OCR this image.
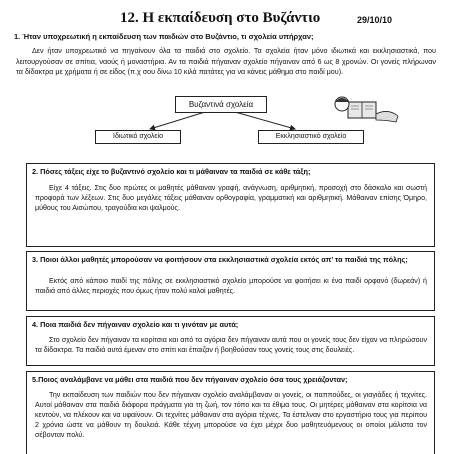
12. Η εκπαίδευση στο Βυζάντιο	29/10/10
1. Ήταν υποχρεωτική η εκπαίδευση των παιδιών στο Βυζάντιο, τι σχολεία υπήρχαν;
Δεν ήταν υποχρεωτικό να πηγαίνουν όλα τα παιδιά στο σχολείο. Τα σχολεία ήταν μόνο ιδιωτικά και εκκλησιαστικά, που λειτουργούσαν σε σπίτια, ναούς ή μοναστήρια. Αν τα παιδιά πήγαιναν σχολείο πήγαιναν από 6 ως 8 χρονών. Οι γονείς πλήρωναν τα δίδακτρα με χρήματα ή σε είδος (π.χ σου δίνω 10 κιλά πατάτες για να κάνεις μάθημα στο παιδί μου).
Βυζαντινά σχολεία
Ιδιωτικό σχολείο	Εκκλησιαστικό σχολείο
2. Πόσες τάξεις είχε το βυζαντινό σχολείο και τι μάθαιναν τα παιδιά σε κάθε τάξη;
Είχε 4 τάξεις. Στις δυο πρώτες οι μαθητές μάθαιναν γραφή, ανάγνωση, αριθμητική, προσοχή στο δάσκαλο και σωστή προφορά των λέξεων. Στις δυο μεγάλες τάξεις μάθαιναν ορθογραφία, γραμματική και αριθμητική. Μάθαιναν επίσης Όμηρο, μύθους του Αισώπου, τραγούδια και ψαλμούς.
3. Ποιοι άλλοι μαθητές μπορούσαν να φοιτήσουν στα εκκλησιαστικά σχολεία εκτός απ’ τα παιδιά της πόλης;
Εκτός από κάποιο παιδί της πόλης σε εκκλησιαστικό σχολείο μπορούσε να φοιτήσει κι ένα παιδί ορφανό (δωρεάν) ή παιδιά από άλλες περιοχές που όμως ήταν πολύ καλοί μαθητές.
4. Ποια παιδιά δεν πήγαιναν σχολείο και τι γινόταν με αυτά;
Στο σχολείο δεν πήγαιναν τα κορίτσια και από τα αγόρια δεν πήγαιναν αυτά που οι γονείς τους δεν είχαν να πληρώσουν τα δίδακτρα. Τα παιδιά αυτά έμεναν στο σπίτι και έπαιζαν ή βοηθούσαν τους γονείς τους στις δουλειές.
5.Ποιος αναλάμβανε να μάθει στα παιδιά που δεν πήγαιναν σχολείο όσα τους χρειάζονταν;
Την εκπαίδευση των παιδιών που δεν πήγαιναν σχολείο αναλάμβαναν οι γονείς, οι παππούδες, οι γιαγιάδες ή τεχνίτες. Αυτοί μάθαιναν στα παιδιά διάφορα πράγματα για τη ζωή, τον τόπο και τα έθιμα τους. Οι μητέρες μάθαιναν στα κορίτσια να κεντούν, να πλέκουν και να υφαίνουν. Οι τεχνίτες μάθαιναν στα αγόρια τέχνες. Τα έστελναν στο εργαστήριο τους για περίπου 2 χρόνια ώστε να μάθουν τη δουλειά. Κάθε τέχνη μπορούσε να έχει μέχρι δυο μαθητευόμενους οι οποίοι μάλιστα τον σέβονταν πολύ.
